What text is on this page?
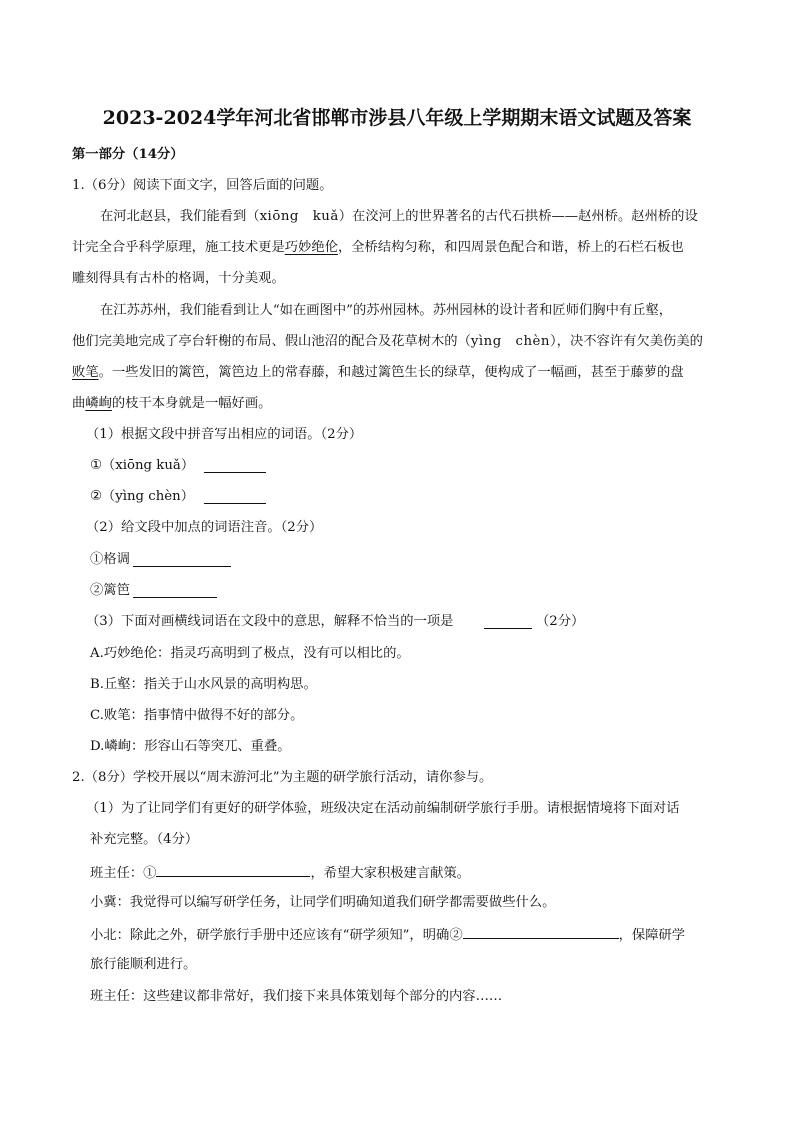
2023-2024学年河北省邯郸市涉县八年级上学期期末语文试题及答案
第一部分（14分）
1.（6分）阅读下面文字，回答后面的问题。
在河北赵县，我们能看到（xiōng　kuǎ）在洨河上的世界著名的古代石拱桥——赵州桥。赵州桥的设
计完全合乎科学原理，施工技术更是巧妙绝伦，全桥结构匀称，和四周景色配合和谐，桥上的石栏石板也
雕刻得具有古朴的格调，十分美观。
在江苏苏州，我们能看到让人“如在画图中”的苏州园林。苏州园林的设计者和匠师们胸中有丘壑，
他们完美地完成了亭台轩榭的布局、假山池沼的配合及花草树木的（yìng　chèn），决不容许有欠美伤美的
败笔。一些发旧的篱笆，篱笆边上的常春藤，和越过篱笆生长的绿草，便构成了一幅画，甚至于藤萝的盘
曲嶙峋的枝干本身就是一幅好画。
（1）根据文段中拼音写出相应的词语。（2分）
①（xiōng kuǎ）
②（yìng chèn）
（2）给文段中加点的词语注音。（2分）
①格调
②篱笆
（3）下面对画横线词语在文段中的意思，解释不恰当的一项是	（2分）
A.巧妙绝伦：指灵巧高明到了极点，没有可以相比的。
B.丘壑：指关于山水风景的高明构思。
C.败笔：指事情中做得不好的部分。
D.嶙峋：形容山石等突兀、重叠。
2.（8分）学校开展以“周末游河北”为主题的研学旅行活动，请你参与。
（1）为了让同学们有更好的研学体验，班级决定在活动前编制研学旅行手册。请根据情境将下面对话
补充完整。（4分）
班主任：①	，希望大家积极建言献策。
小冀：我觉得可以编写研学任务，让同学们明确知道我们研学都需要做些什么。
小北：除此之外，研学旅行手册中还应该有“研学须知”，明确②	，保障研学
旅行能顺利进行。
班主任：这些建议都非常好，我们接下来具体策划每个部分的内容……
